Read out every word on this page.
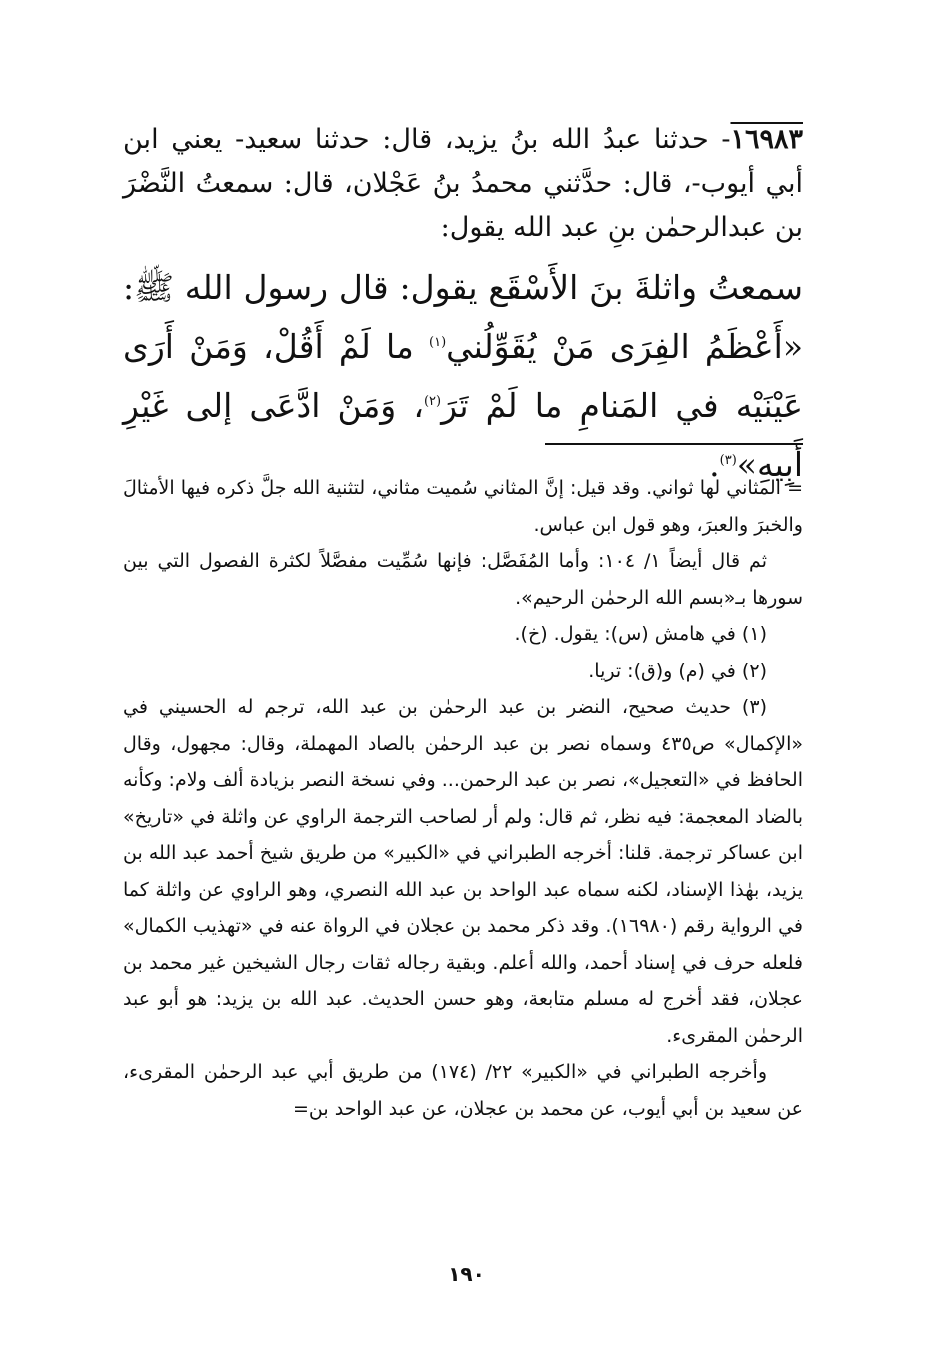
١٦٩٨٣- حدثنا عبدُ الله بنُ يزيد، قال: حدثنا سعيد- يعني ابن أبي أيوب-، قال: حدَّثني محمدُ بنُ عَجْلان، قال: سمعتُ النَّضْرَ بن عبدالرحمٰن بنِ عبد الله يقول:

سمعتُ واثلةَ بنَ الأَسْقَع يقول: قال رسول الله ﷺ: «أَعْظَمُ الفِرَى مَنْ يُقَوِّلُني$^{(١)}$ ما لَمْ أَقُلْ، وَمَنْ أَرَى عَيْنَيْه في المَنامِ ما لَمْ تَرَ$^{(٢)}$، وَمَنْ ادَّعَى إلى غَيْرِ أَبِيهِ»$^{(٣)}$.

= المثاني لها ثواني. وقد قيل: إنَّ المثاني سُميت مثاني، لتثنية الله جلَّ ذكره فيها الأمثالَ والخبرَ والعبرَ، وهو قول ابن عباس.

ثم قال أيضاً ١/ ١٠٤: وأما المُفَصَّل: فإنها سُمِّيت مفصَّلاً لكثرة الفصول التي بين سورها بـ«بسم الله الرحمٰن الرحيم».

(١) في هامش (س): يقول. (خ).

(٢) في (م) و(ق): تريا.

(٣) حديث صحيح، النضر بن عبد الرحمٰن بن عبد الله، ترجم له الحسيني في «الإكمال» ص٤٣٥ وسماه نصر بن عبد الرحمٰن بالصاد المهملة، وقال: مجهول، وقال الحافظ في «التعجيل»، نصر بن عبد الرحمن... وفي نسخة النصر بزيادة ألف ولام: وكأنه بالضاد المعجمة: فيه نظر، ثم قال: ولم أر لصاحب الترجمة الراوي عن واثلة في «تاريخ» ابن عساكر ترجمة. قلنا: أخرجه الطبراني في «الكبير» من طريق شيخ أحمد عبد الله بن يزيد، بهٰذا الإسناد، لكنه سماه عبد الواحد بن عبد الله النصري، وهو الراوي عن واثلة كما في الرواية رقم (١٦٩٨٠). وقد ذكر محمد بن عجلان في الرواة عنه في «تهذيب الكمال» فلعله حرف في إسناد أحمد، والله أعلم. وبقية رجاله ثقات رجال الشيخين غير محمد بن عجلان، فقد أخرج له مسلم متابعة، وهو حسن الحديث. عبد الله بن يزيد: هو أبو عبد الرحمٰن المقرىء.

وأخرجه الطبراني في «الكبير» ٢٢/ (١٧٤) من طريق أبي عبد الرحمٰن المقرىء، عن سعيد بن أبي أيوب، عن محمد بن عجلان، عن عبد الواحد بن=

١٩٠
